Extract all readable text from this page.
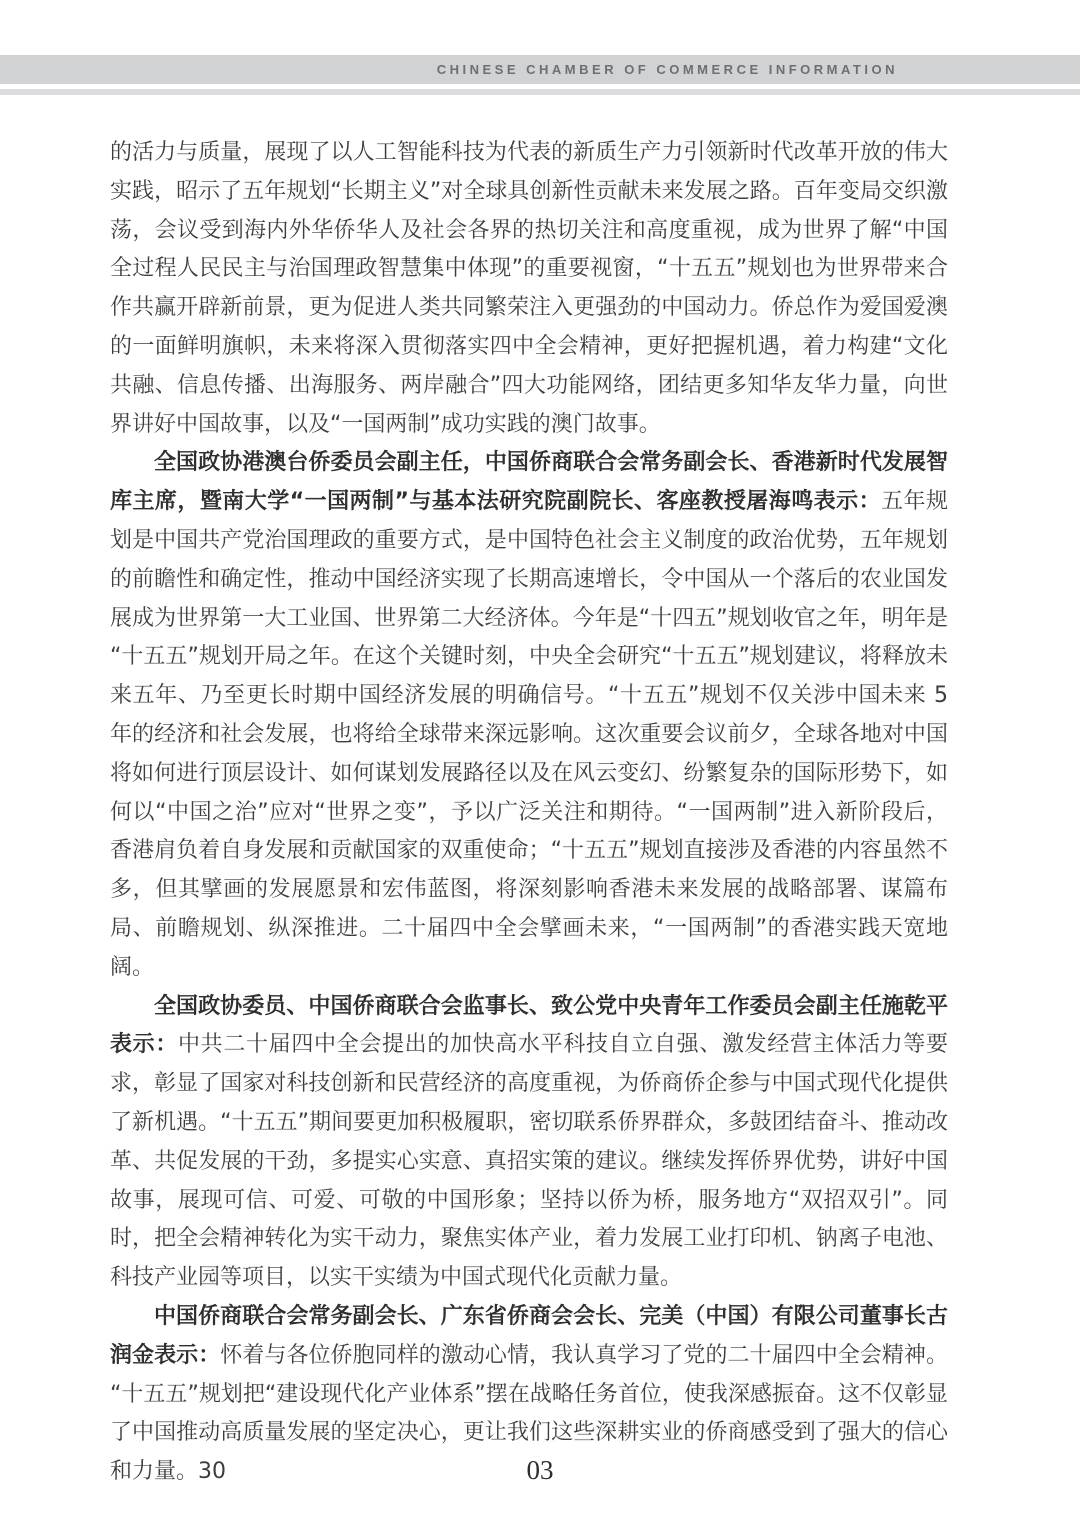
CHINESE CHAMBER OF COMMERCE INFORMATION

的活力与质量，展现了以人工智能科技为代表的新质生产力引领新时代改革开放的伟大实践，昭示了五年规划“长期主义”对全球具创新性贡献未来发展之路。百年变局交织激荡，会议受到海内外华侨华人及社会各界的热切关注和高度重视，成为世界了解“中国全过程人民民主与治国理政智慧集中体现”的重要视窗，“十五五”规划也为世界带来合作共赢开辟新前景，更为促进人类共同繁荣注入更强劲的中国动力。侨总作为爱国爱澳的一面鲜明旗帜，未来将深入贯彻落实四中全会精神，更好把握机遇，着力构建“文化共融、信息传播、出海服务、两岸融合”四大功能网络，团结更多知华友华力量，向世界讲好中国故事，以及“一国两制”成功实践的澳门故事。

全国政协港澳台侨委员会副主任，中国侨商联合会常务副会长、香港新时代发展智库主席，暨南大学“一国两制”与基本法研究院副院长、客座教授屠海鸣表示：五年规划是中国共产党治国理政的重要方式，是中国特色社会主义制度的政治优势，五年规划的前瞻性和确定性，推动中国经济实现了长期高速增长，令中国从一个落后的农业国发展成为世界第一大工业国、世界第二大经济体。今年是“十四五”规划收官之年，明年是“十五五”规划开局之年。在这个关键时刻，中央全会研究“十五五”规划建议，将释放未来五年、乃至更长时期中国经济发展的明确信号。“十五五”规划不仅关涉中国未来 5 年的经济和社会发展，也将给全球带来深远影响。这次重要会议前夕，全球各地对中国将如何进行顶层设计、如何谋划发展路径以及在风云变幻、纷繁复杂的国际形势下，如何以“中国之治”应对“世界之变”，予以广泛关注和期待。“一国两制”进入新阶段后，香港肩负着自身发展和贡献国家的双重使命；“十五五”规划直接涉及香港的内容虽然不多，但其擘画的发展愿景和宏伟蓝图，将深刻影响香港未来发展的战略部署、谋篇布局、前瞻规划、纵深推进。二十届四中全会擘画未来，“一国两制”的香港实践天宽地阔。

全国政协委员、中国侨商联合会监事长、致公党中央青年工作委员会副主任施乾平表示：中共二十届四中全会提出的加快高水平科技自立自强、激发经营主体活力等要求，彰显了国家对科技创新和民营经济的高度重视，为侨商侨企参与中国式现代化提供了新机遇。“十五五”期间要更加积极履职，密切联系侨界群众，多鼓团结奋斗、推动改革、共促发展的干劲，多提实心实意、真招实策的建议。继续发挥侨界优势，讲好中国故事，展现可信、可爱、可敬的中国形象；坚持以侨为桥，服务地方“双招双引”。同时，把全会精神转化为实干动力，聚焦实体产业，着力发展工业打印机、钠离子电池、科技产业园等项目，以实干实绩为中国式现代化贡献力量。

中国侨商联合会常务副会长、广东省侨商会会长、完美（中国）有限公司董事长古润金表示：怀着与各位侨胞同样的激动心情，我认真学习了党的二十届四中全会精神。“十五五”规划把“建设现代化产业体系”摆在战略任务首位，使我深感振奋。这不仅彰显了中国推动高质量发展的坚定决心，更让我们这些深耕实业的侨商感受到了强大的信心和力量。30	03
